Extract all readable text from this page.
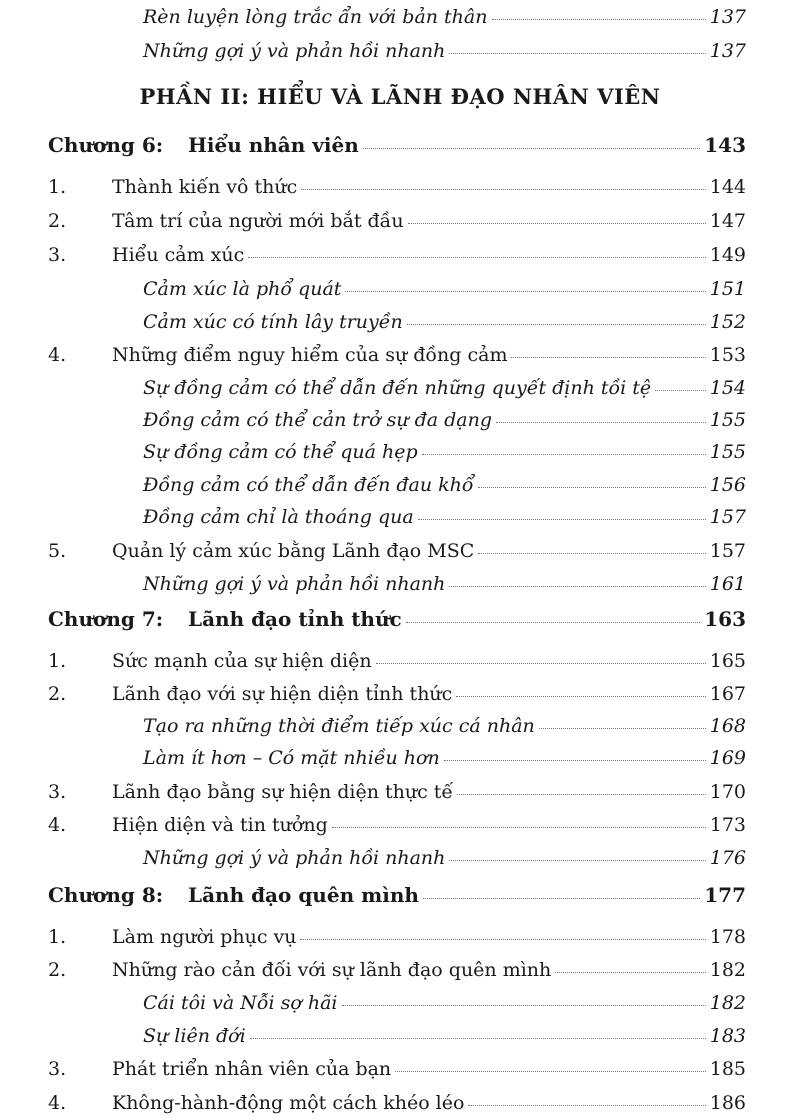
PHẦN II: HIỂU VÀ LÃNH ĐẠO NHÂN VIÊN
Rèn luyện lòng trắc ẩn với bản thân	137
Những gợi ý và phản hồi nhanh	137
Chương 6: Hiểu nhân viên	143
1. Thành kiến vô thức	144
2. Tâm trí của người mới bắt đầu	147
3. Hiểu cảm xúc	149
Cảm xúc là phổ quát	151
Cảm xúc có tính lây truyền	152
4. Những điểm nguy hiểm của sự đồng cảm	153
Sự đồng cảm có thể dẫn đến những quyết định tồi tệ	154
Đồng cảm có thể cản trở sự đa dạng	155
Sự đồng cảm có thể quá hẹp	155
Đồng cảm có thể dẫn đến đau khổ	156
Đồng cảm chỉ là thoáng qua	157
5. Quản lý cảm xúc bằng Lãnh đạo MSC	157
Những gợi ý và phản hồi nhanh	161
Chương 7: Lãnh đạo tỉnh thức	163
1. Sức mạnh của sự hiện diện	165
2. Lãnh đạo với sự hiện diện tỉnh thức	167
Tạo ra những thời điểm tiếp xúc cá nhân	168
Làm ít hơn – Có mặt nhiều hơn	169
3. Lãnh đạo bằng sự hiện diện thực tế	170
4. Hiện diện và tin tưởng	173
Những gợi ý và phản hồi nhanh	176
Chương 8: Lãnh đạo quên mình	177
1. Làm người phục vụ	178
2. Những rào cản đối với sự lãnh đạo quên mình	182
Cái tôi và Nỗi sợ hãi	182
Sự liên đới	183
3. Phát triển nhân viên của bạn	185
4. Không-hành-động một cách khéo léo	186
